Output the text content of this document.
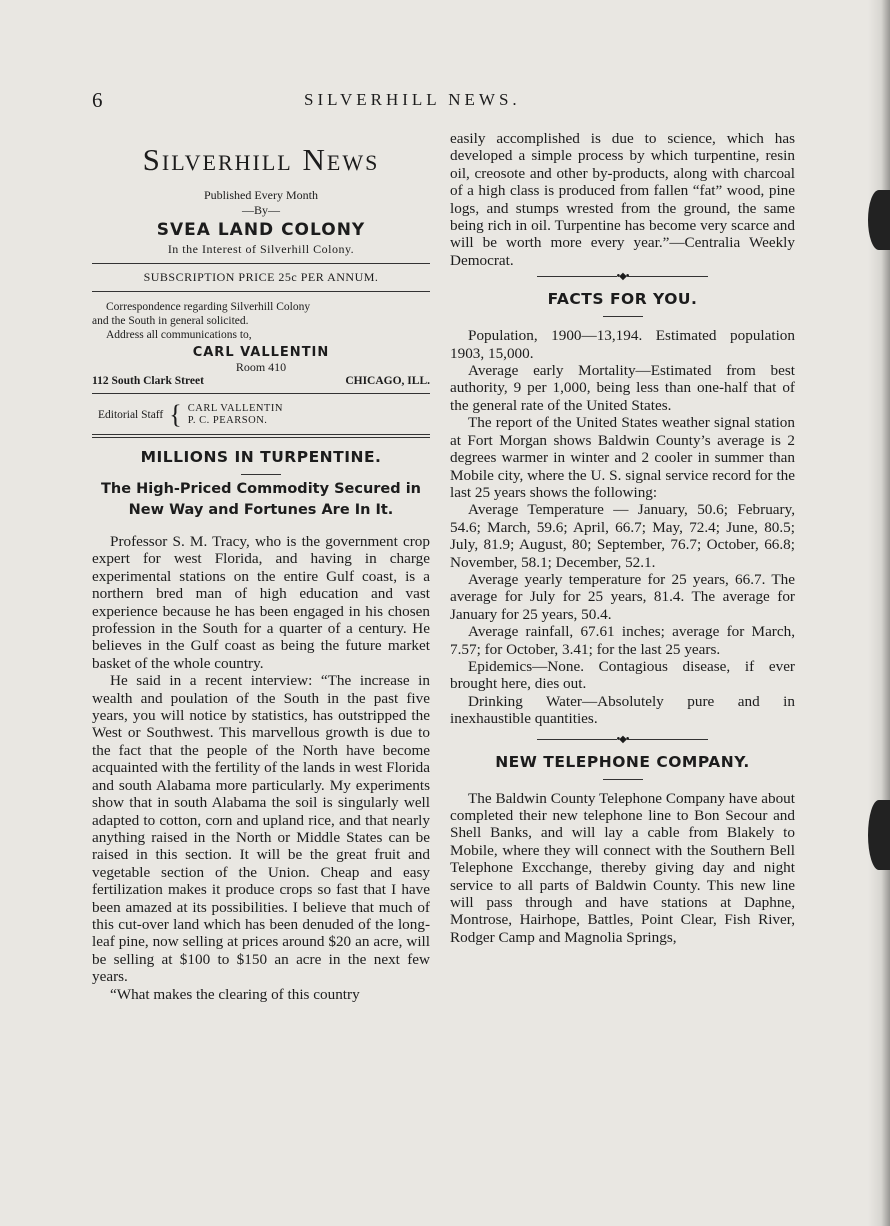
6	SILVERHILL NEWS.
Silverhill News
Published Every Month
—By—
SVEA LAND COLONY
In the Interest of Silverhill Colony.
SUBSCRIPTION PRICE 25c PER ANNUM.
Correspondence regarding Silverhill Colony
and the South in general solicited.
Address all communications to,
CARL VALLENTIN
Room 410
112 South Clark Street	CHICAGO, ILL.
Editorial Staff { CARL VALLENTIN
P. C. PEARSON.
MILLIONS IN TURPENTINE.
The High-Priced Commodity Secured in New Way and Fortunes Are In It.

Professor S. M. Tracy, who is the government crop expert for west Florida, and having in charge experimental stations on the entire Gulf coast, is a northern bred man of high education and vast experience because he has been engaged in his chosen profession in the South for a quarter of a century. He believes in the Gulf coast as being the future market basket of the whole country.

He said in a recent interview: “The increase in wealth and poulation of the South in the past five years, you will notice by statistics, has outstripped the West or Southwest. This marvellous growth is due to the fact that the people of the North have become acquainted with the fertility of the lands in west Florida and south Alabama more particularly. My experiments show that in south Alabama the soil is singularly well adapted to cotton, corn and upland rice, and that nearly anything raised in the North or Middle States can be raised in this section. It will be the great fruit and vegetable section of the Union. Cheap and easy fertilization makes it produce crops so fast that I have been amazed at its possibilities. I believe that much of this cut-over land which has been denuded of the long-leaf pine, now selling at prices around $20 an acre, will be selling at $100 to $150 an acre in the next few years.

“What makes the clearing of this country

easily accomplished is due to science, which has developed a simple process by which turpentine, resin oil, creosote and other by-products, along with charcoal of a high class is produced from fallen “fat” wood, pine logs, and stumps wrested from the ground, the same being rich in oil. Turpentine has become very scarce and will be worth more every year.”—Centralia Weekly Democrat.

•◆•
FACTS FOR YOU.

Population, 1900—13,194. Estimated population 1903, 15,000.

Average early Mortality—Estimated from best authority, 9 per 1,000, being less than one-half that of the general rate of the United States.

The report of the United States weather signal station at Fort Morgan shows Baldwin County’s average is 2 degrees warmer in winter and 2 cooler in summer than Mobile city, where the U. S. signal service record for the last 25 years shows the following:

Average Temperature — January, 50.6; February, 54.6; March, 59.6; April, 66.7; May, 72.4; June, 80.5; July, 81.9; August, 80; September, 76.7; October, 66.8; November, 58.1; December, 52.1.

Average yearly temperature for 25 years, 66.7. The average for July for 25 years, 81.4. The average for January for 25 years, 50.4.

Average rainfall, 67.61 inches; average for March, 7.57; for October, 3.41; for the last 25 years.

Epidemics—None. Contagious disease, if ever brought here, dies out.

Drinking Water—Absolutely pure and in inexhaustible quantities.

•◆•
NEW TELEPHONE COMPANY.

The Baldwin County Telephone Company have about completed their new telephone line to Bon Secour and Shell Banks, and will lay a cable from Blakely to Mobile, where they will connect with the Southern Bell Telephone Excchange, thereby giving day and night service to all parts of Baldwin County. This new line will pass through and have stations at Daphne, Montrose, Hairhope, Battles, Point Clear, Fish River, Rodger Camp and Magnolia Springs,
